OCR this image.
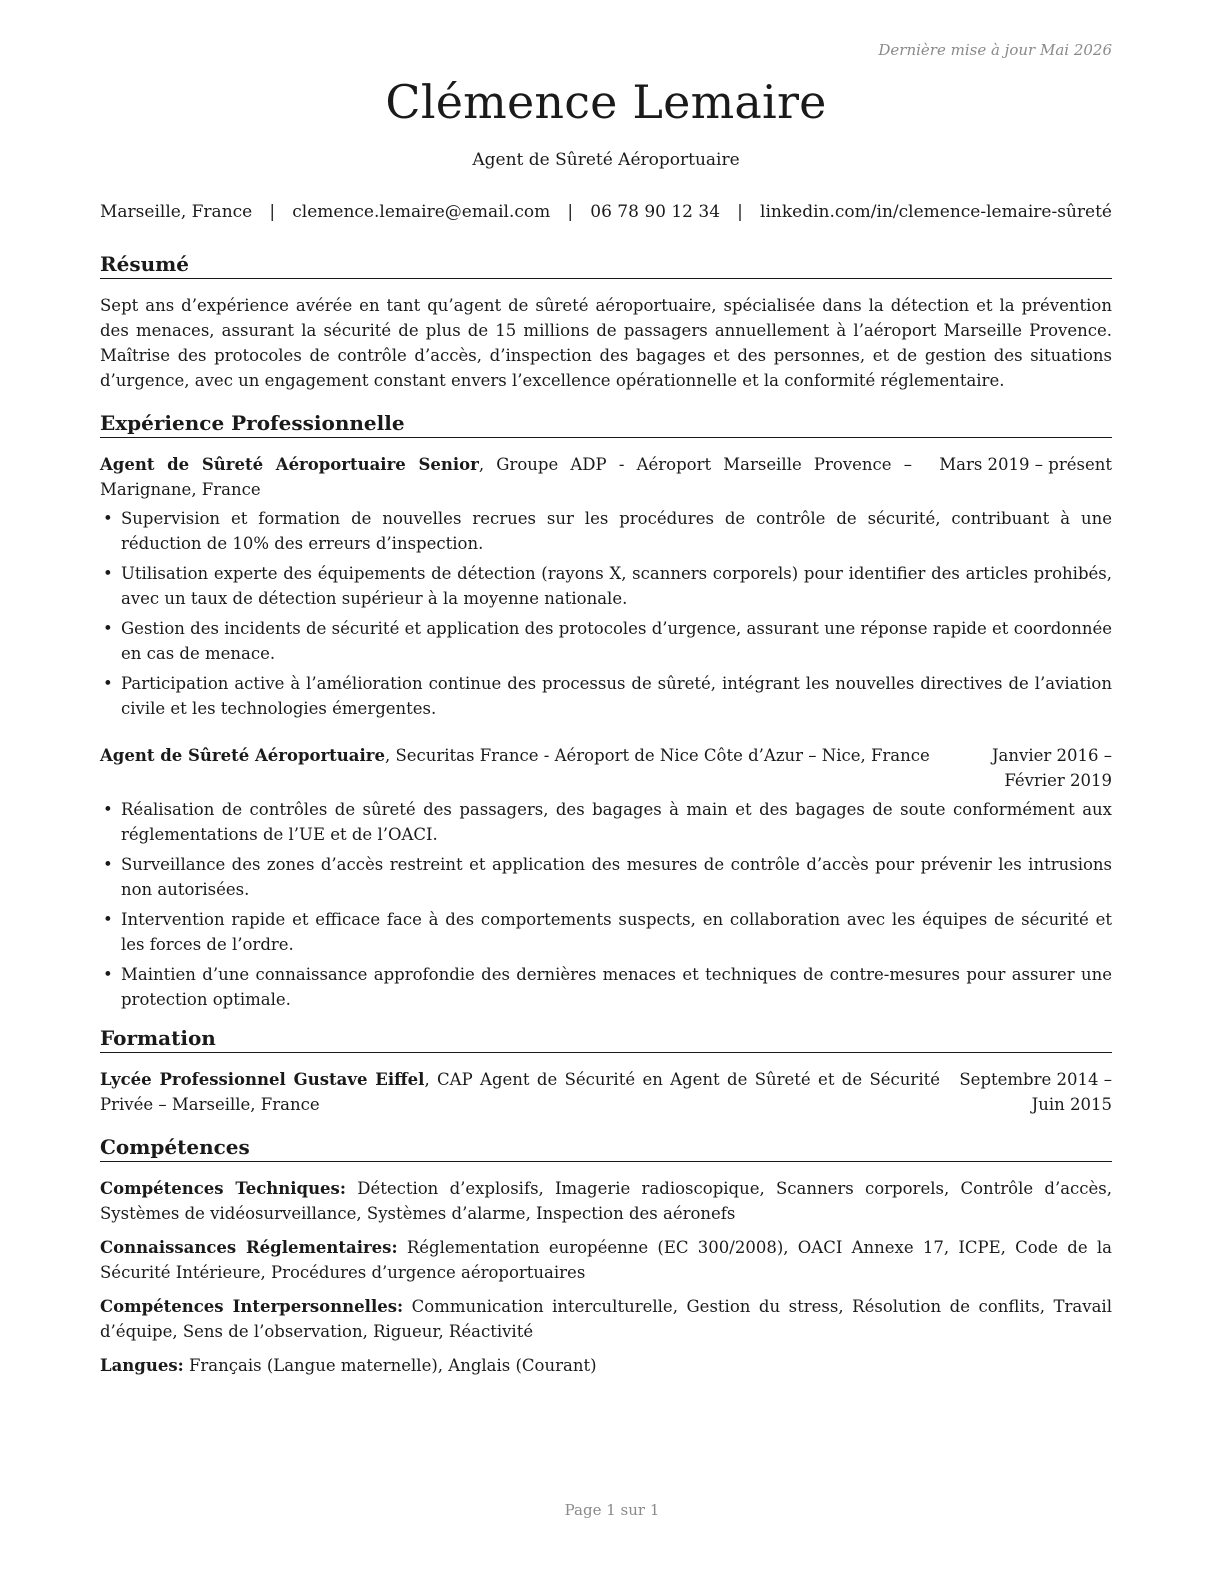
Dernière mise à jour Mai 2026
Clémence Lemaire
Agent de Sûreté Aéroportuaire
Marseille, France | clemence.lemaire@email.com | 06 78 90 12 34 | linkedin.com/in/clemence-lemaire-sûreté
Résumé
Sept ans d’expérience avérée en tant qu’agent de sûreté aéroportuaire, spécialisée dans la détection et la prévention des menaces, assurant la sécurité de plus de 15 millions de passagers annuellement à l’aéroport Marseille Provence. Maîtrise des protocoles de contrôle d’accès, d’inspection des bagages et des personnes, et de gestion des situations d’urgence, avec un engagement constant envers l’excellence opérationnelle et la conformité réglementaire.
Expérience Professionnelle
Agent de Sûreté Aéroportuaire Senior, Groupe ADP - Aéroport Marseille Provence – Marignane, France
Mars 2019 – présent
• Supervision et formation de nouvelles recrues sur les procédures de contrôle de sécurité, contribuant à une réduction de 10% des erreurs d’inspection.
• Utilisation experte des équipements de détection (rayons X, scanners corporels) pour identifier des articles prohibés, avec un taux de détection supérieur à la moyenne nationale.
• Gestion des incidents de sécurité et application des protocoles d’urgence, assurant une réponse rapide et coordonnée en cas de menace.
• Participation active à l’amélioration continue des processus de sûreté, intégrant les nouvelles directives de l’aviation civile et les technologies émergentes.
Agent de Sûreté Aéroportuaire, Securitas France - Aéroport de Nice Côte d’Azur – Nice, France	Janvier 2016 – Février 2019
• Réalisation de contrôles de sûreté des passagers, des bagages à main et des bagages de soute conformément aux réglementations de l’UE et de l’OACI.
• Surveillance des zones d’accès restreint et application des mesures de contrôle d’accès pour prévenir les intrusions non autorisées.
• Intervention rapide et efficace face à des comportements suspects, en collaboration avec les équipes de sécurité et les forces de l’ordre.
• Maintien d’une connaissance approfondie des dernières menaces et techniques de contre-mesures pour assurer une protection optimale.
Formation
Lycée Professionnel Gustave Eiffel, CAP Agent de Sécurité en Agent de Sûreté et de Sécurité Privée – Marseille, France
Septembre 2014 – Juin 2015
Compétences
Compétences Techniques: Détection d’explosifs, Imagerie radioscopique, Scanners corporels, Contrôle d’accès, Systèmes de vidéosurveillance, Systèmes d’alarme, Inspection des aéronefs
Connaissances Réglementaires: Réglementation européenne (EC 300/2008), OACI Annexe 17, ICPE, Code de la Sécurité Intérieure, Procédures d’urgence aéroportuaires
Compétences Interpersonnelles: Communication interculturelle, Gestion du stress, Résolution de conflits, Travail d’équipe, Sens de l’observation, Rigueur, Réactivité
Langues: Français (Langue maternelle), Anglais (Courant)
Page 1 sur 1
